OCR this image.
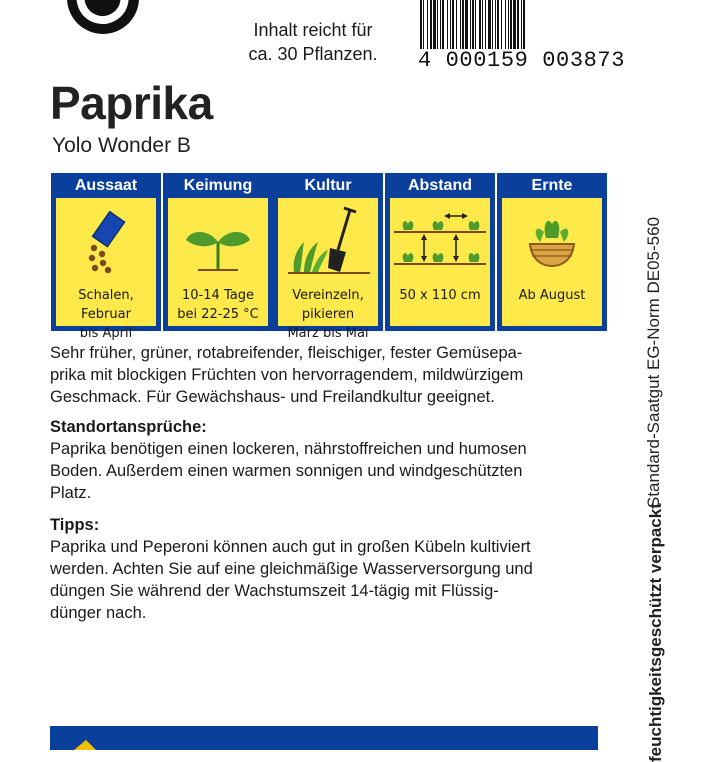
Inhalt reicht für
ca. 30 Pflanzen.	4 000159 003873
Paprika
Yolo Wonder B
Aussaat
Schalen,
Februar
bis April
Keimung
10-14 Tage
bei 22-25 °C
Kultur
Vereinzeln,
pikieren
März bis Mai
Abstand
50 x 110 cm
Ernte
Ab August
Sehr früher, grüner, rotabreifender, fleischiger, fester Gemüsepa-
prika mit blockigen Früchten von hervorragendem, mildwürzigem
Geschmack. Für Gewächshaus- und Freilandkultur geeignet.
Standortansprüche:
Paprika benötigen einen lockeren, nährstoffreichen und humosen
Boden. Außerdem einen warmen sonnigen und windgeschützten
Platz.
Tipps:
Paprika und Peperoni können auch gut in großen Kübeln kultiviert
werden. Achten Sie auf eine gleichmäßige Wasserversorgung und
düngen Sie während der Wachstumszeit 14-tägig mit Flüssig-
dünger nach.
Standard-Saatgut EG-Norm DE05-560
feuchtigkeitsgeschützt verpackt
